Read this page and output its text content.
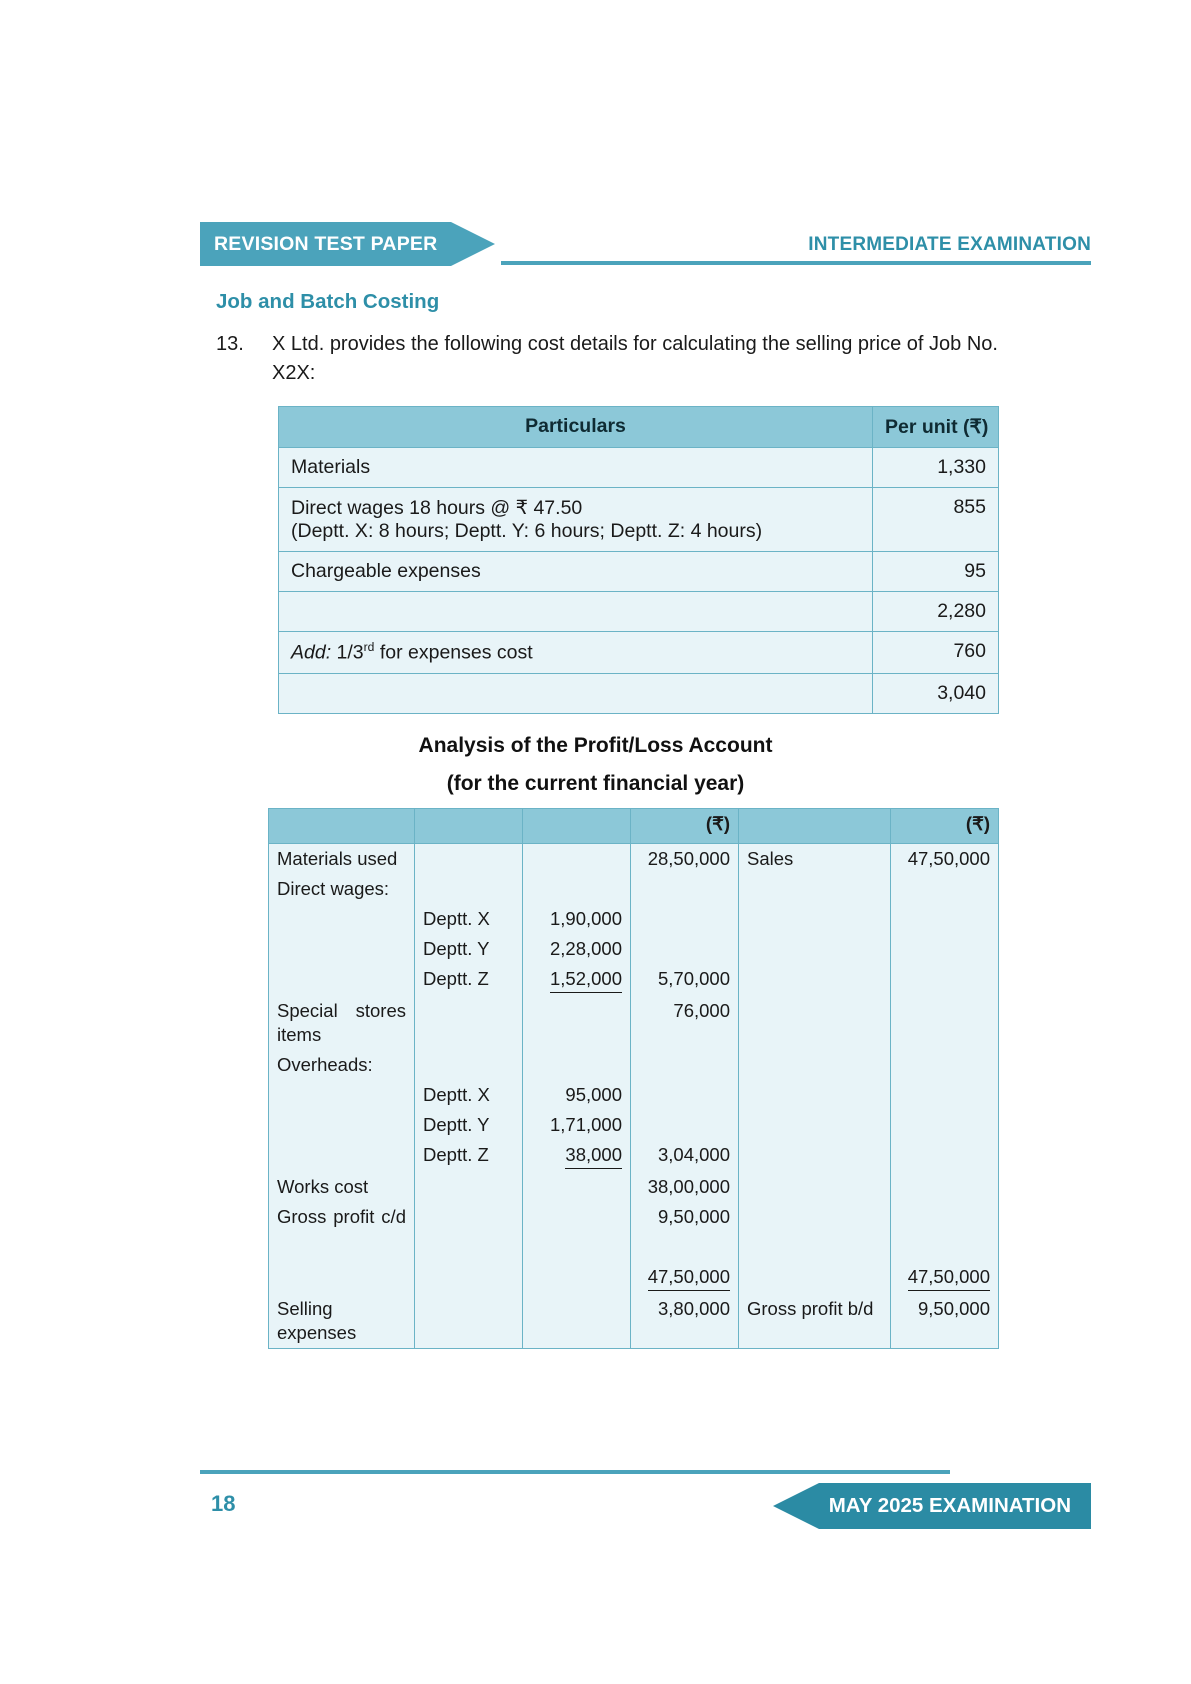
REVISION TEST PAPER	INTERMEDIATE EXAMINATION
Job and Batch Costing
13.	X Ltd. provides the following cost details for calculating the selling price of Job No. X2X:
Particulars	Per unit (₹)
Materials	1,330

Direct wages 18 hours @ ₹ 47.50
(Deptt. X: 8 hours; Deptt. Y: 6 hours; Deptt. Z: 4 hours)	855
Chargeable expenses	95
	2,280
Add: 1/3rd for expenses cost	760
	3,040
Analysis of the Profit/Loss Account
(for the current financial year)
			(₹)		(₹)
Materials used			28,50,000	Sales	47,50,000
Direct wages:					
	Deptt. X	1,90,000			
	Deptt. Y	2,28,000			
	Deptt. Z	1,52,000	5,70,000		
Special stores items			76,000		
Overheads:					
	Deptt. X	95,000			
	Deptt. Y	1,71,000			
	Deptt. Z	38,000	3,04,000		
Works cost			38,00,000		
Gross profit c/d			9,50,000		

			47,50,000		47,50,000
Selling expenses			3,80,000	Gross profit b/d	9,50,000
18	MAY 2025 EXAMINATION
